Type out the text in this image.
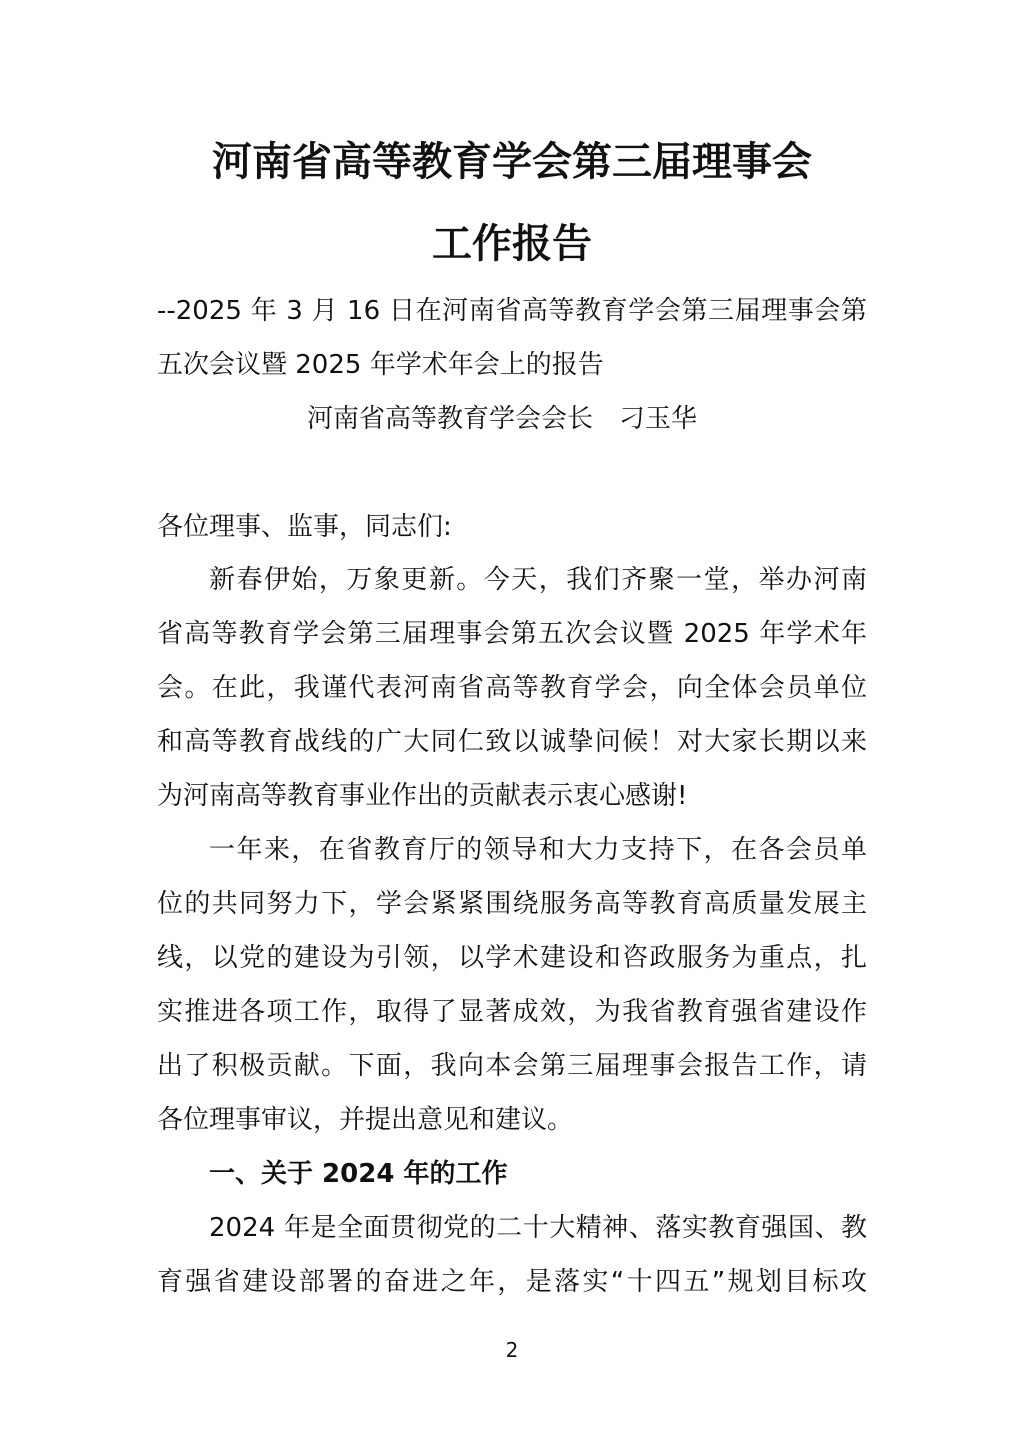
河南省高等教育学会第三届理事会
工作报告

--2025 年 3 月 16 日在河南省高等教育学会第三届理事会第

五次会议暨 2025 年学术年会上的报告

河南省高等教育学会会长　刁玉华

各位理事、监事，同志们:

新春伊始，万象更新。今天，我们齐聚一堂，举办河南

省高等教育学会第三届理事会第五次会议暨 2025 年学术年

会。在此，我谨代表河南省高等教育学会，向全体会员单位

和高等教育战线的广大同仁致以诚挚问候！对大家长期以来

为河南高等教育事业作出的贡献表示衷心感谢!

一年来，在省教育厅的领导和大力支持下，在各会员单

位的共同努力下，学会紧紧围绕服务高等教育高质量发展主

线，以党的建设为引领，以学术建设和咨政服务为重点，扎

实推进各项工作，取得了显著成效，为我省教育强省建设作

出了积极贡献。下面，我向本会第三届理事会报告工作，请

各位理事审议，并提出意见和建议。

一、关于 2024 年的工作

2024 年是全面贯彻党的二十大精神、落实教育强国、教

育强省建设部署的奋进之年，是落实“十四五”规划目标攻

2
